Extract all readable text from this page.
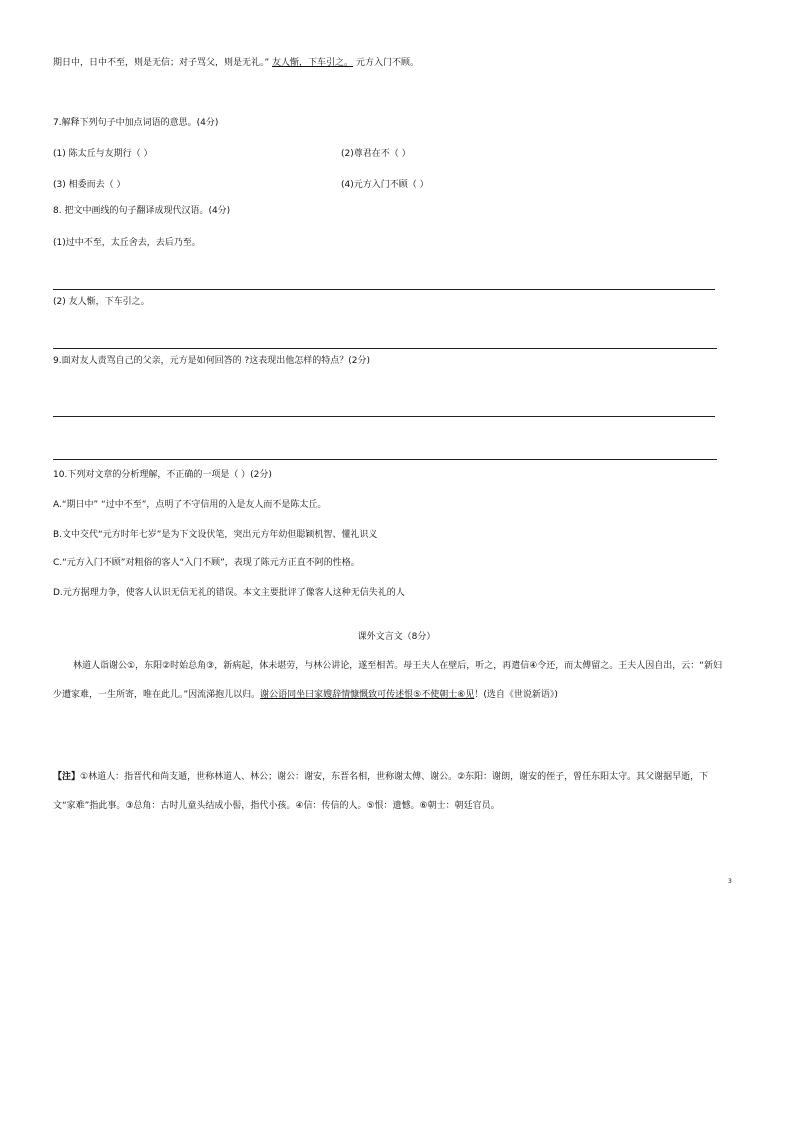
期日中，日中不至，则是无信；对子骂父，则是无礼。” 友人惭，下车引之。 元方入门不顾。
7.解释下列句子中加点词语的意思。(4分)
(1) 陈太丘与友期行（ ）	(2)尊君在不（ ）
(3) 相委而去（ ）	(4)元方入门不顾（ ）
8. 把文中画线的句子翻译成现代汉语。(4分)
(1)过中不至，太丘舍去，去后乃至。
(2) 友人惭，下车引之。
9.面对友人责骂自己的父亲，元方是如何回答的 ?这表现出他怎样的特点？(2分)
10.下列对文章的分析理解，不正确的一项是（ ）(2分)
A.“期日中” “过中不至”，点明了不守信用的入是友人而不是陈太丘。
B.文中交代“元方时年七岁”是为下文设伏笔，突出元方年幼但聪颖机智、懂礼识义
C.“元方入门不顾”对粗俗的客人“入门不顾”，表现了陈元方正直不阿的性格。
D.元方据理力争，使客人认识无信无礼的错误。本文主要批评了像客人这种无信失礼的人
课外文言文（8分）
林道人诣谢公①，东阳②时始总角③，新病起，体未堪劳，与林公讲论，遂至相苦。母王夫人在壁后，听之，再遣信④令还，而太傅留之。王夫人因自出，云：“新妇少遭家难，一生所寄，唯在此儿。”因流涕抱儿以归。谢公语同坐曰家嫂辞情慷慨致可传述恨⑤不使朝士⑥见！(选自《世说新语》)
【注】①林道人：指晋代和尚支遁，世称林道人、林公；谢公：谢安，东晋名相，世称谢太傅、谢公。②东阳：谢朗，谢安的侄子，曾任东阳太守。其父谢据早逝，下文“家难”指此事。③总角：古时儿童头结成小髻，指代小孩。④信：传信的人。⑤恨：遗憾。⑥朝士：朝廷官员。
3
